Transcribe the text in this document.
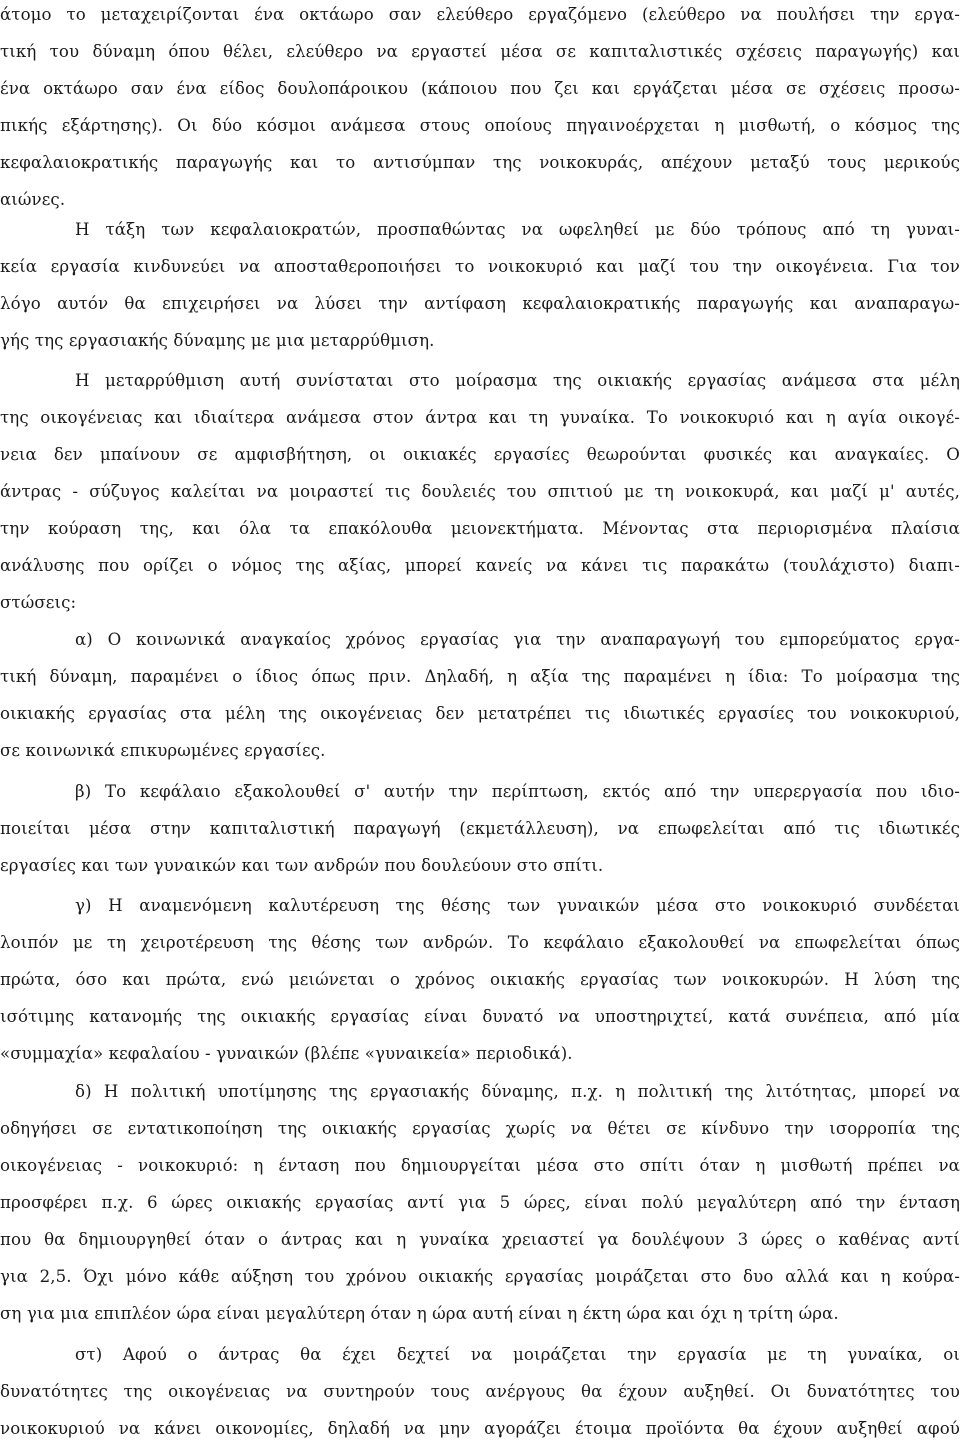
άτομο το μεταχειρίζονται ένα οκτάωρο σαν ελεύθερο εργαζόμενο (ελεύθερο να πουλήσει την εργα-
τική του δύναμη όπου θέλει, ελεύθερο να εργαστεί μέσα σε καπιταλιστικές σχέσεις παραγωγής) και
ένα οκτάωρο σαν ένα είδος δουλοπάροικου (κάποιου που ζει και εργάζεται μέσα σε σχέσεις προσω-
πικής εξάρτησης). Οι δύο κόσμοι ανάμεσα στους οποίους πηγαινοέρχεται η μισθωτή, ο κόσμος της
κεφαλαιοκρατικής παραγωγής και το αντισύμπαν της νοικοκυράς, απέχουν μεταξύ τους μερικούς
αιώνες.
Η τάξη των κεφαλαιοκρατών, προσπαθώντας να ωφεληθεί με δύο τρόπους από τη γυναι-
κεία εργασία κινδυνεύει να αποσταθεροποιήσει το νοικοκυριό και μαζί του την οικογένεια. Για τον
λόγο αυτόν θα επιχειρήσει να λύσει την αντίφαση κεφαλαιοκρατικής παραγωγής και αναπαραγω-
γής της εργασιακής δύναμης με μια μεταρρύθμιση.
Η μεταρρύθμιση αυτή συνίσταται στο μοίρασμα της οικιακής εργασίας ανάμεσα στα μέλη
της οικογένειας και ιδιαίτερα ανάμεσα στον άντρα και τη γυναίκα. Το νοικοκυριό και η αγία οικογέ-
νεια δεν μπαίνουν σε αμφισβήτηση, οι οικιακές εργασίες θεωρούνται φυσικές και αναγκαίες. Ο
άντρας - σύζυγος καλείται να μοιραστεί τις δουλειές του σπιτιού με τη νοικοκυρά, και μαζί μ' αυτές,
την κούραση της, και όλα τα επακόλουθα μειονεκτήματα. Μένοντας στα περιορισμένα πλαίσια
ανάλυσης που ορίζει ο νόμος της αξίας, μπορεί κανείς να κάνει τις παρακάτω (τουλάχιστο) διαπι-
στώσεις:
α) Ο κοινωνικά αναγκαίος χρόνος εργασίας για την αναπαραγωγή του εμπορεύματος εργα-
τική δύναμη, παραμένει ο ίδιος όπως πριν. Δηλαδή, η αξία της παραμένει η ίδια: Το μοίρασμα της
οικιακής εργασίας στα μέλη της οικογένειας δεν μετατρέπει τις ιδιωτικές εργασίες του νοικοκυριού,
σε κοινωνικά επικυρωμένες εργασίες.
β) Το κεφάλαιο εξακολουθεί σ' αυτήν την περίπτωση, εκτός από την υπερεργασία που ιδιο-
ποιείται μέσα στην καπιταλιστική παραγωγή (εκμετάλλευση), να επωφελείται από τις ιδιωτικές
εργασίες και των γυναικών και των ανδρών που δουλεύουν στο σπίτι.
γ) Η αναμενόμενη καλυτέρευση της θέσης των γυναικών μέσα στο νοικοκυριό συνδέεται
λοιπόν με τη χειροτέρευση της θέσης των ανδρών. Το κεφάλαιο εξακολουθεί να επωφελείται όπως
πρώτα, όσο και πρώτα, ενώ μειώνεται ο χρόνος οικιακής εργασίας των νοικοκυρών. Η λύση της
ισότιμης κατανομής της οικιακής εργασίας είναι δυνατό να υποστηριχτεί, κατά συνέπεια, από μία
«συμμαχία» κεφαλαίου - γυναικών (βλέπε «γυναικεία» περιοδικά).
δ) Η πολιτική υποτίμησης της εργασιακής δύναμης, π.χ. η πολιτική της λιτότητας, μπορεί να
οδηγήσει σε εντατικοποίηση της οικιακής εργασίας χωρίς να θέτει σε κίνδυνο την ισορροπία της
οικογένειας - νοικοκυριό: η ένταση που δημιουργείται μέσα στο σπίτι όταν η μισθωτή πρέπει να
προσφέρει π.χ. 6 ώρες οικιακής εργασίας αντί για 5 ώρες, είναι πολύ μεγαλύτερη από την ένταση
που θα δημιουργηθεί όταν ο άντρας και η γυναίκα χρειαστεί γα δουλέψουν 3 ώρες ο καθένας αντί
για 2,5. Όχι μόνο κάθε αύξηση του χρόνου οικιακής εργασίας μοιράζεται στο δυο αλλά και η κούρα-
ση για μια επιπλέον ώρα είναι μεγαλύτερη όταν η ώρα αυτή είναι η έκτη ώρα και όχι η τρίτη ώρα.
στ) Αφού ο άντρας θα έχει δεχτεί να μοιράζεται την εργασία με τη γυναίκα, οι
δυνατότητες της οικογένειας να συντηρούν τους ανέργους θα έχουν αυξηθεί. Οι δυνατότητες του
νοικοκυριού να κάνει οικονομίες, δηλαδή να μην αγοράζει έτοιμα προϊόντα θα έχουν αυξηθεί αφού
